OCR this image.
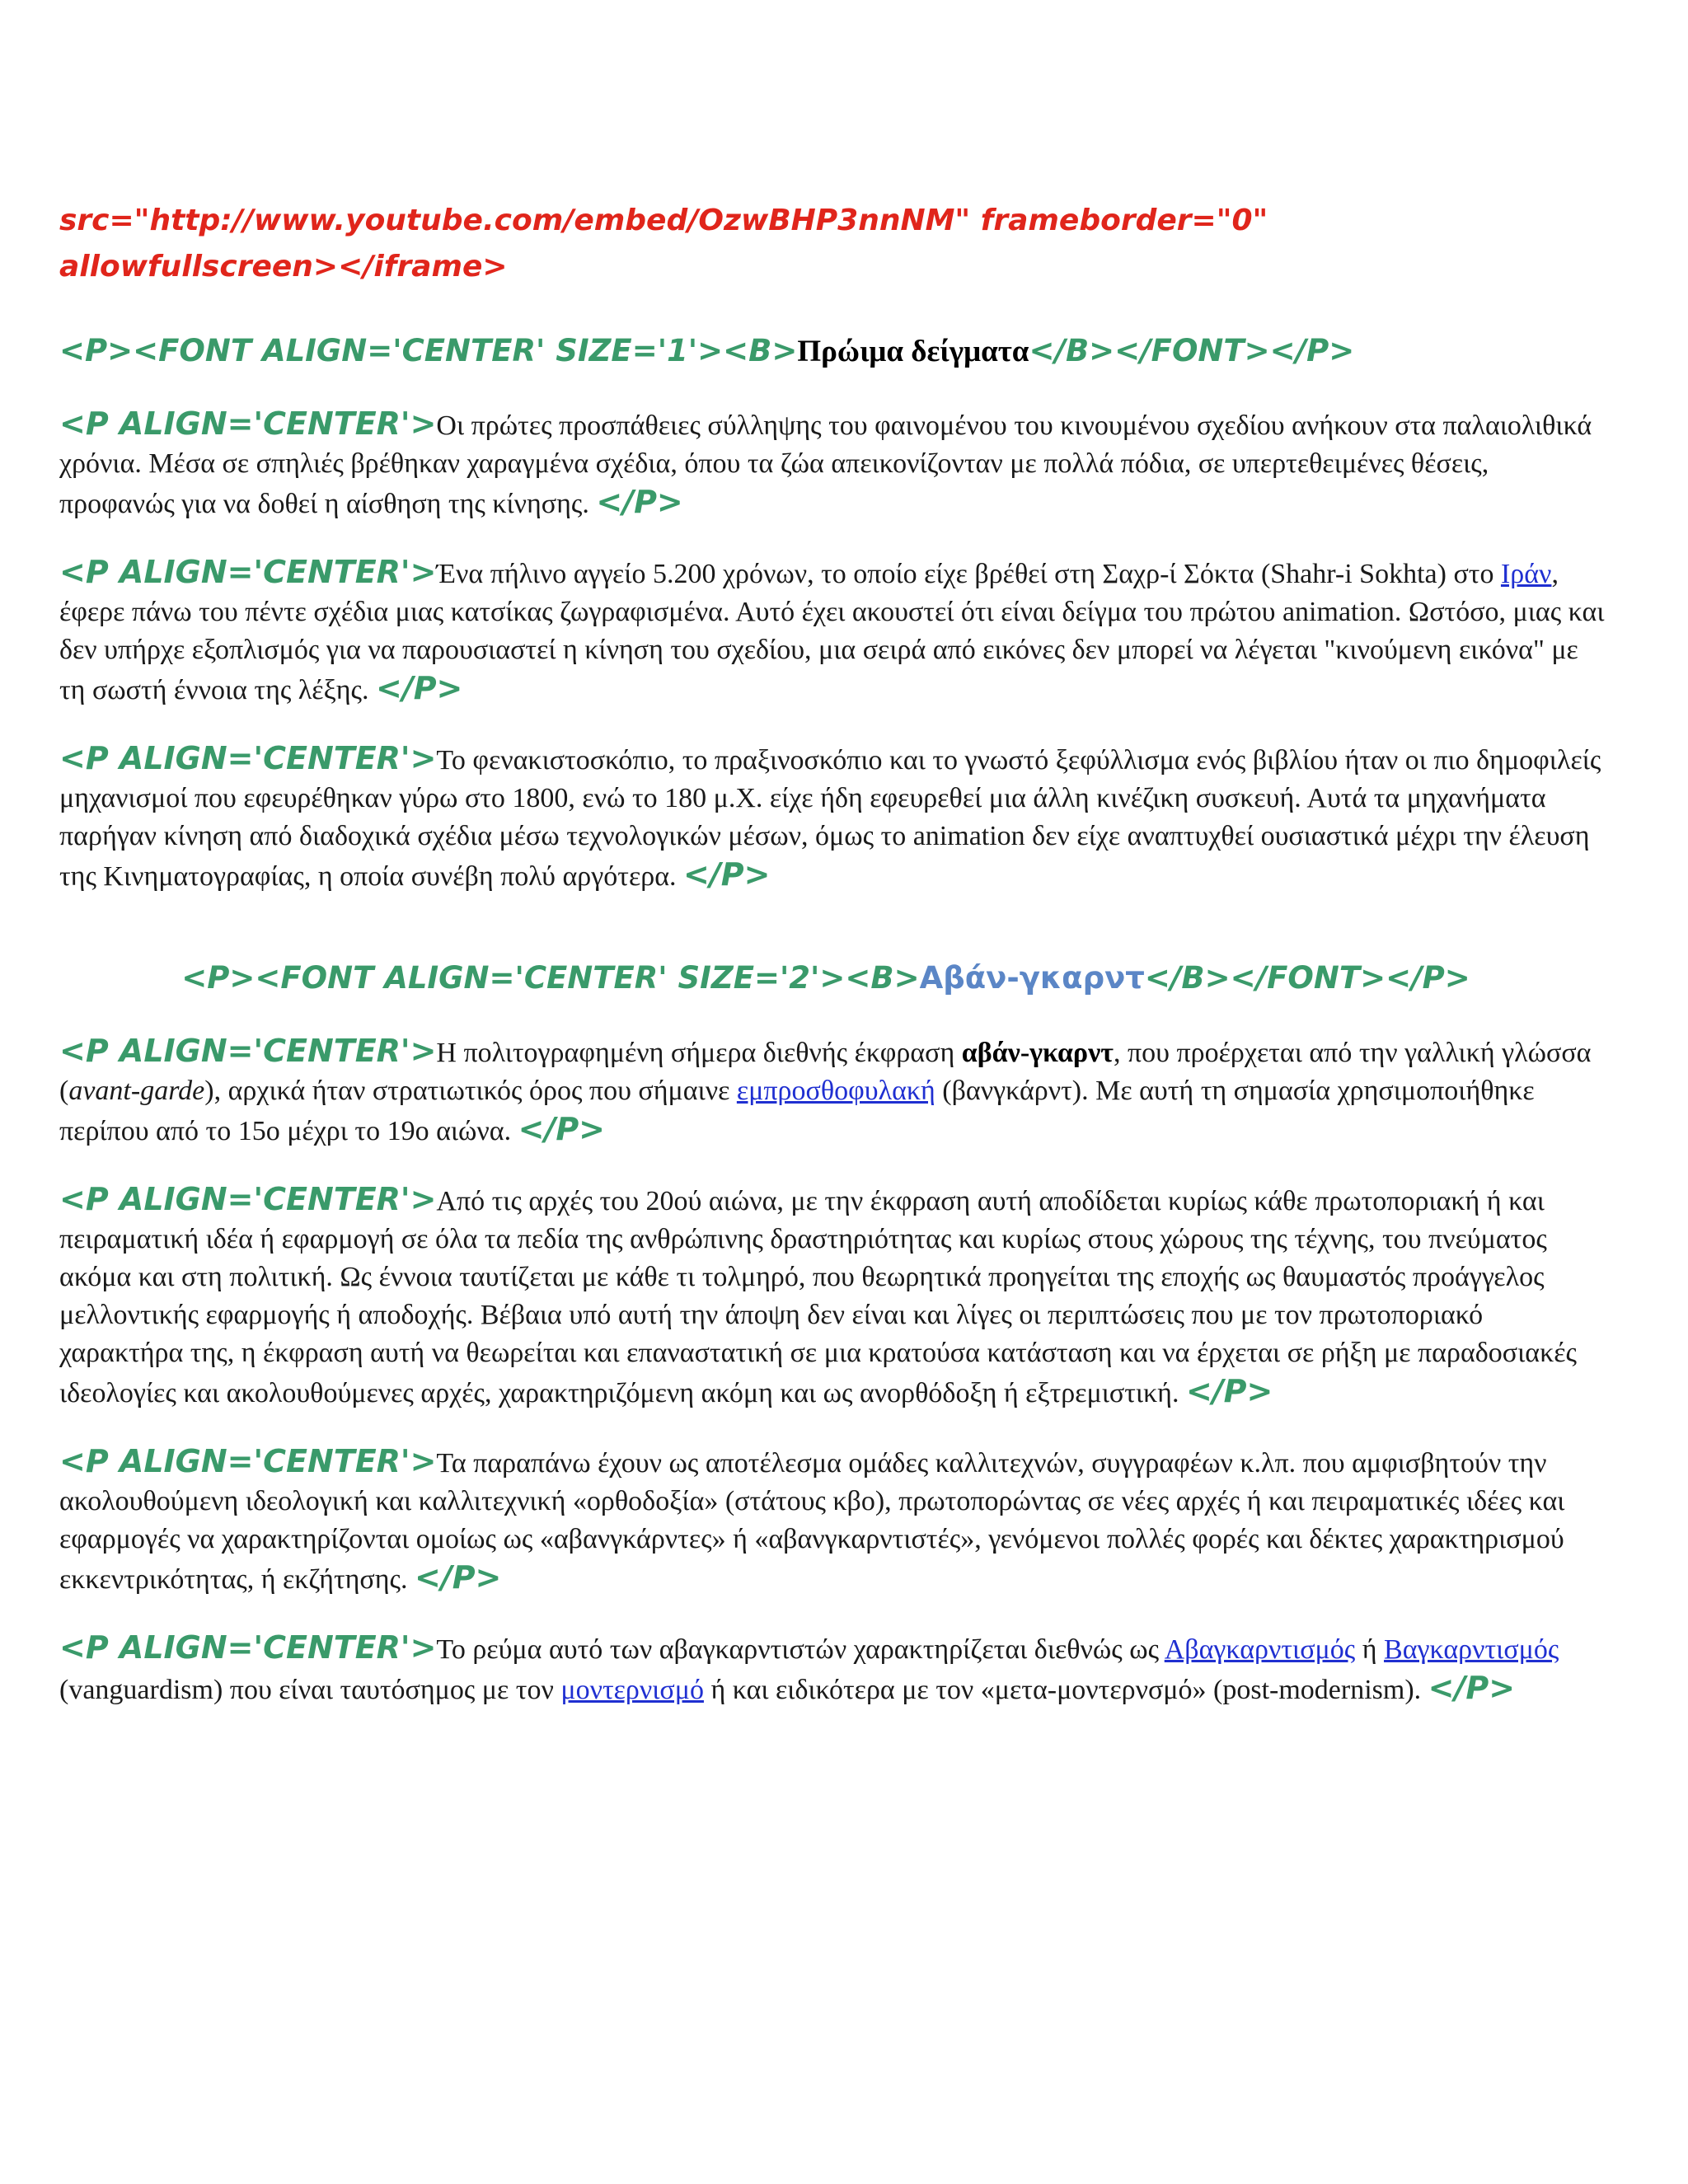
src="http://www.youtube.com/embed/OzwBHP3nnNM" frameborder="0"
allowfullscreen></iframe>
<P><FONT ALIGN='CENTER' SIZE='1'><B>Πρώιμα δείγματα</B></FONT></P>

<P ALIGN='CENTER'>Οι πρώτες προσπάθειες σύλληψης του φαινομένου του κινουμένου σχεδίου ανήκουν στα παλαιολιθικά χρόνια. Μέσα σε σπηλιές βρέθηκαν χαραγμένα σχέδια, όπου τα ζώα απεικονίζονταν με πολλά πόδια, σε υπερτεθειμένες θέσεις, προφανώς για να δοθεί η αίσθηση της κίνησης. </P>

<P ALIGN='CENTER'>Ένα πήλινο αγγείο 5.200 χρόνων, το οποίο είχε βρέθεί στη Σαχρ-ί Σόκτα (Shahr-i Sokhta) στο Ιράν, έφερε πάνω του πέντε σχέδια μιας κατσίκας ζωγραφισμένα. Αυτό έχει ακουστεί ότι είναι δείγμα του πρώτου animation. Ωστόσο, μιας και δεν υπήρχε εξοπλισμός για να παρουσιαστεί η κίνηση του σχεδίου, μια σειρά από εικόνες δεν μπορεί να λέγεται "κινούμενη εικόνα" με τη σωστή έννοια της λέξης. </P>

<P ALIGN='CENTER'>Το φενακιστοσκόπιο, το πραξινοσκόπιο και το γνωστό ξεφύλλισμα ενός βιβλίου ήταν οι πιο δημοφιλείς μηχανισμοί που εφευρέθηκαν γύρω στο 1800, ενώ το 180 μ.Χ. είχε ήδη εφευρεθεί μια άλλη κινέζικη συσκευή. Αυτά τα μηχανήματα παρήγαν κίνηση από διαδοχικά σχέδια μέσω τεχνολογικών μέσων, όμως το animation δεν είχε αναπτυχθεί ουσιαστικά μέχρι την έλευση της Κινηματογραφίας, η οποία συνέβη πολύ αργότερα. </P>

<P><FONT ALIGN='CENTER' SIZE='2'><B>Αβάν-γκαρντ</B></FONT></P>

<P ALIGN='CENTER'>Η πολιτογραφημένη σήμερα διεθνής έκφραση αβάν-γκαρντ, που προέρχεται από την γαλλική γλώσσα (avant-garde), αρχικά ήταν στρατιωτικός όρος που σήμαινε εμπροσθοφυλακή (βανγκάρντ). Με αυτή τη σημασία χρησιμοποιήθηκε περίπου από το 15ο μέχρι το 19ο αιώνα. </P>

<P ALIGN='CENTER'>Από τις αρχές του 20ού αιώνα, με την έκφραση αυτή αποδίδεται κυρίως κάθε πρωτοποριακή ή και πειραματική ιδέα ή εφαρμογή σε όλα τα πεδία της ανθρώπινης δραστηριότητας και κυρίως στους χώρους της τέχνης, του πνεύματος ακόμα και στη πολιτική. Ως έννοια ταυτίζεται με κάθε τι τολμηρό, που θεωρητικά προηγείται της εποχής ως θαυμαστός προάγγελος μελλοντικής εφαρμογής ή αποδοχής. Βέβαια υπό αυτή την άποψη δεν είναι και λίγες οι περιπτώσεις που με τον πρωτοποριακό χαρακτήρα της, η έκφραση αυτή να θεωρείται και επαναστατική σε μια κρατούσα κατάσταση και να έρχεται σε ρήξη με παραδοσιακές ιδεολογίες και ακολουθούμενες αρχές, χαρακτηριζόμενη ακόμη και ως ανορθόδοξη ή εξτρεμιστική. </P>

<P ALIGN='CENTER'>Τα παραπάνω έχουν ως αποτέλεσμα ομάδες καλλιτεχνών, συγγραφέων κ.λπ. που αμφισβητούν την ακολουθούμενη ιδεολογική και καλλιτεχνική «ορθοδοξία» (στάτους κβο), πρωτοπορώντας σε νέες αρχές ή και πειραματικές ιδέες και εφαρμογές να χαρακτηρίζονται ομοίως ως «αβανγκάρντες» ή «αβανγκαρντιστές», γενόμενοι πολλές φορές και δέκτες χαρακτηρισμού εκκεντρικότητας, ή εκζήτησης. </P>

<P ALIGN='CENTER'>Το ρεύμα αυτό των αβαγκαρντιστών χαρακτηρίζεται διεθνώς ως Αβαγκαρντισμός ή Βαγκαρντισμός (vanguardism) που είναι ταυτόσημος με τον μοντερνισμό ή και ειδικότερα με τον «μετα-μοντερνσμό» (post-modernism). </P>
